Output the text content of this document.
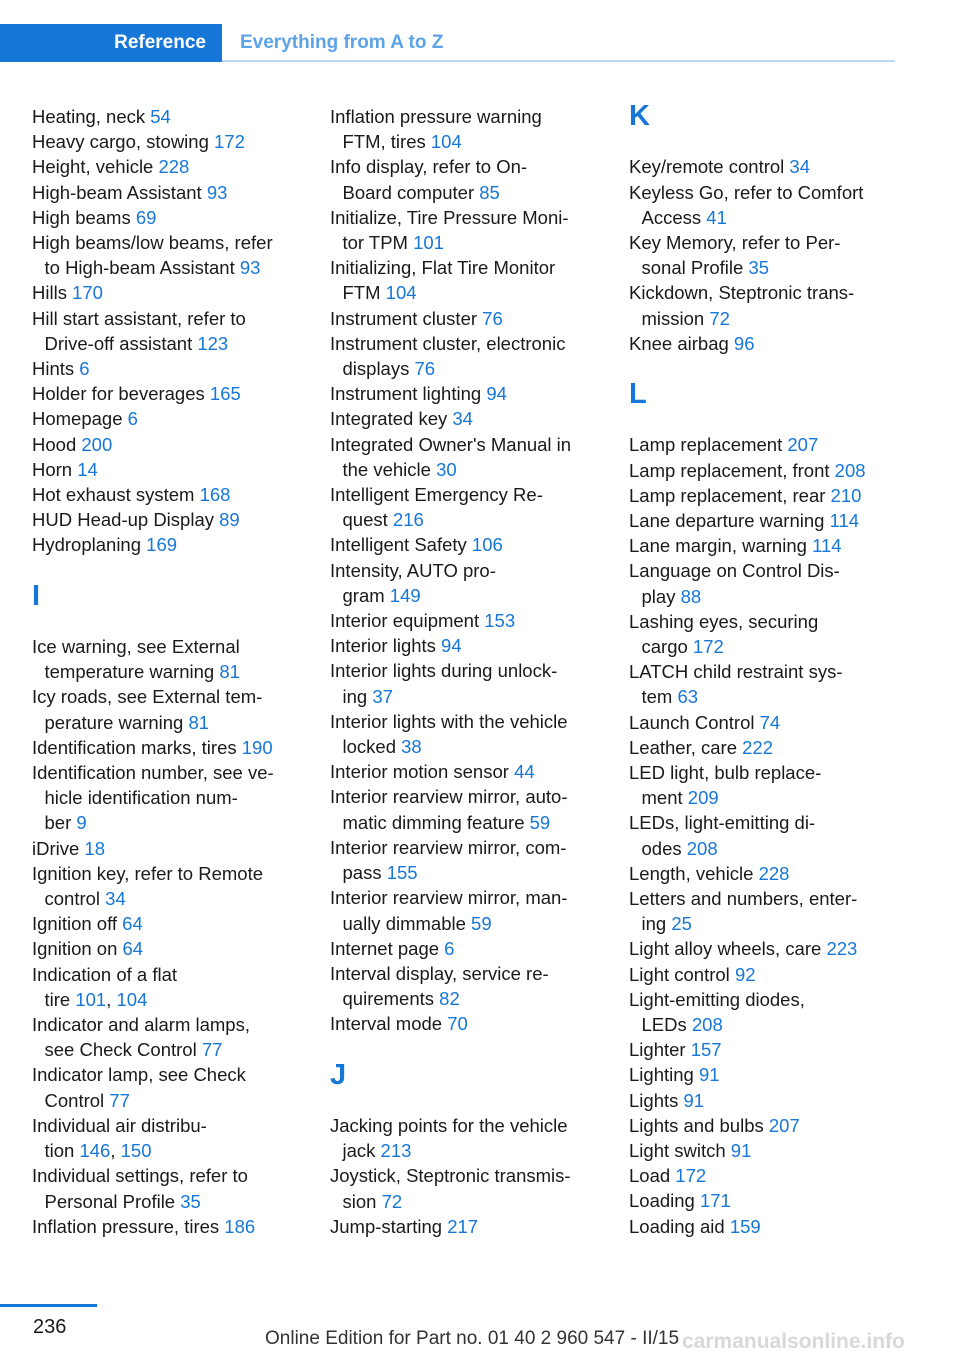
Reference	Everything from A to Z
Heating, neck 54
Heavy cargo, stowing 172
Height, vehicle 228
High-beam Assistant 93
High beams 69
High beams/low beams, refer
to High-beam Assistant 93
Hills 170
Hill start assistant, refer to
Drive-off assistant 123
Hints 6
Holder for beverages 165
Homepage 6
Hood 200
Horn 14
Hot exhaust system 168
HUD Head-up Display 89
Hydroplaning 169
I
Ice warning, see External
temperature warning 81
Icy roads, see External tem‐
perature warning 81
Identification marks, tires 190
Identification number, see ve‐
hicle identification num‐
ber 9
iDrive 18
Ignition key, refer to Remote
control 34
Ignition off 64
Ignition on 64
Indication of a flat
tire 101, 104
Indicator and alarm lamps,
see Check Control 77
Indicator lamp, see Check
Control 77
Individual air distribu‐
tion 146, 150
Individual settings, refer to
Personal Profile 35
Inflation pressure, tires 186
Inflation pressure warning
FTM, tires 104
Info display, refer to On-
Board computer 85
Initialize, Tire Pressure Moni‐
tor TPM 101
Initializing, Flat Tire Monitor
FTM 104
Instrument cluster 76
Instrument cluster, electronic
displays 76
Instrument lighting 94
Integrated key 34
Integrated Owner's Manual in
the vehicle 30
Intelligent Emergency Re‐
quest 216
Intelligent Safety 106
Intensity, AUTO pro‐
gram 149
Interior equipment 153
Interior lights 94
Interior lights during unlock‐
ing 37
Interior lights with the vehicle
locked 38
Interior motion sensor 44
Interior rearview mirror, auto‐
matic dimming feature 59
Interior rearview mirror, com‐
pass 155
Interior rearview mirror, man‐
ually dimmable 59
Internet page 6
Interval display, service re‐
quirements 82
Interval mode 70
J
Jacking points for the vehicle
jack 213
Joystick, Steptronic transmis‐
sion 72
Jump-starting 217
K
Key/remote control 34
Keyless Go, refer to Comfort
Access 41
Key Memory, refer to Per‐
sonal Profile 35
Kickdown, Steptronic trans‐
mission 72
Knee airbag 96
L
Lamp replacement 207
Lamp replacement, front 208
Lamp replacement, rear 210
Lane departure warning 114
Lane margin, warning 114
Language on Control Dis‐
play 88
Lashing eyes, securing
cargo 172
LATCH child restraint sys‐
tem 63
Launch Control 74
Leather, care 222
LED light, bulb replace‐
ment 209
LEDs, light-emitting di‐
odes 208
Length, vehicle 228
Letters and numbers, enter‐
ing 25
Light alloy wheels, care 223
Light control 92
Light-emitting diodes,
LEDs 208
Lighter 157
Lighting 91
Lights 91
Lights and bulbs 207
Light switch 91
Load 172
Loading 171
Loading aid 159
236
Online Edition for Part no. 01 40 2 960 547 - II/15 carmanualsonline.info
